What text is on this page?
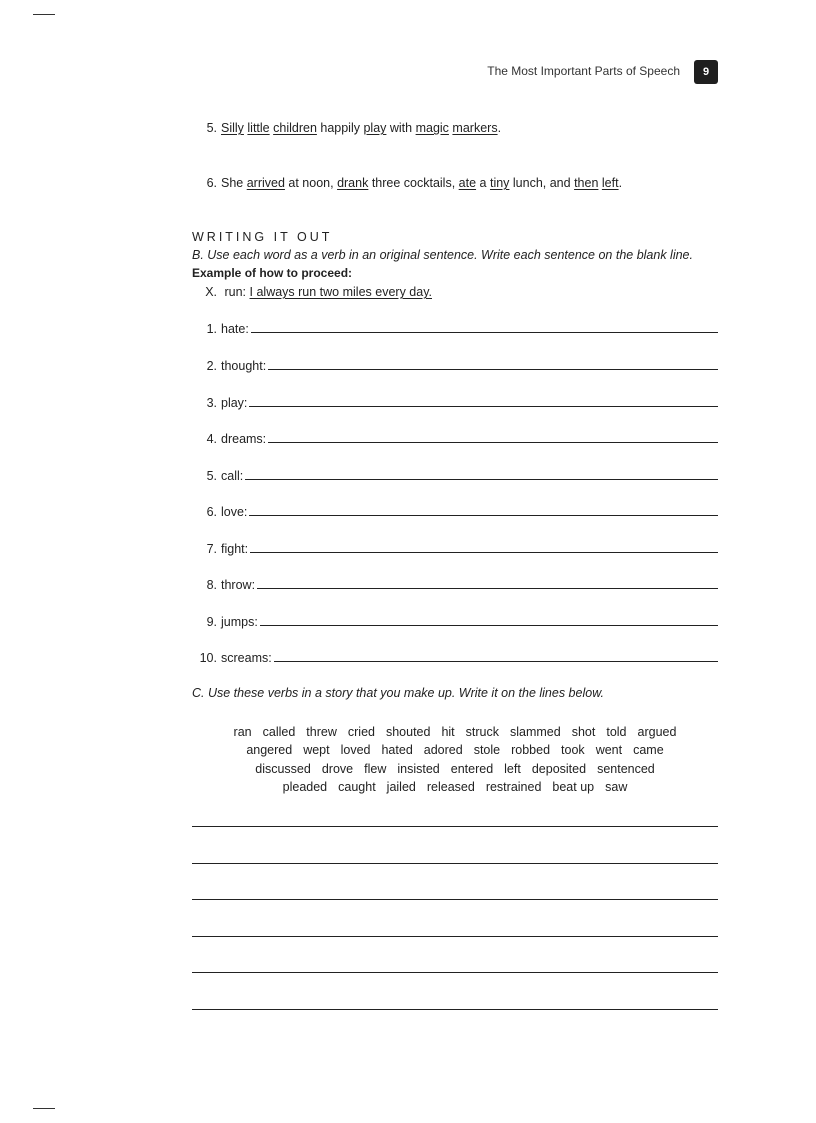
The Most Important Parts of Speech	9
5. Silly little children happily play with magic markers.
6. She arrived at noon, drank three cocktails, ate a tiny lunch, and then left.
WRITING IT OUT
B. Use each word as a verb in an original sentence. Write each sentence on the blank line.
Example of how to proceed:
X. run: I always run two miles every day.
1. hate:
2. thought:
3. play:
4. dreams:
5. call:
6. love:
7. fight:
8. throw:
9. jumps:
10. screams:
C. Use these verbs in a story that you make up. Write it on the lines below.
ran called threw cried shouted hit struck slammed shot told argued
angered wept loved hated adored stole robbed took went came
discussed drove flew insisted entered left deposited sentenced
pleaded caught jailed released restrained beat up saw
